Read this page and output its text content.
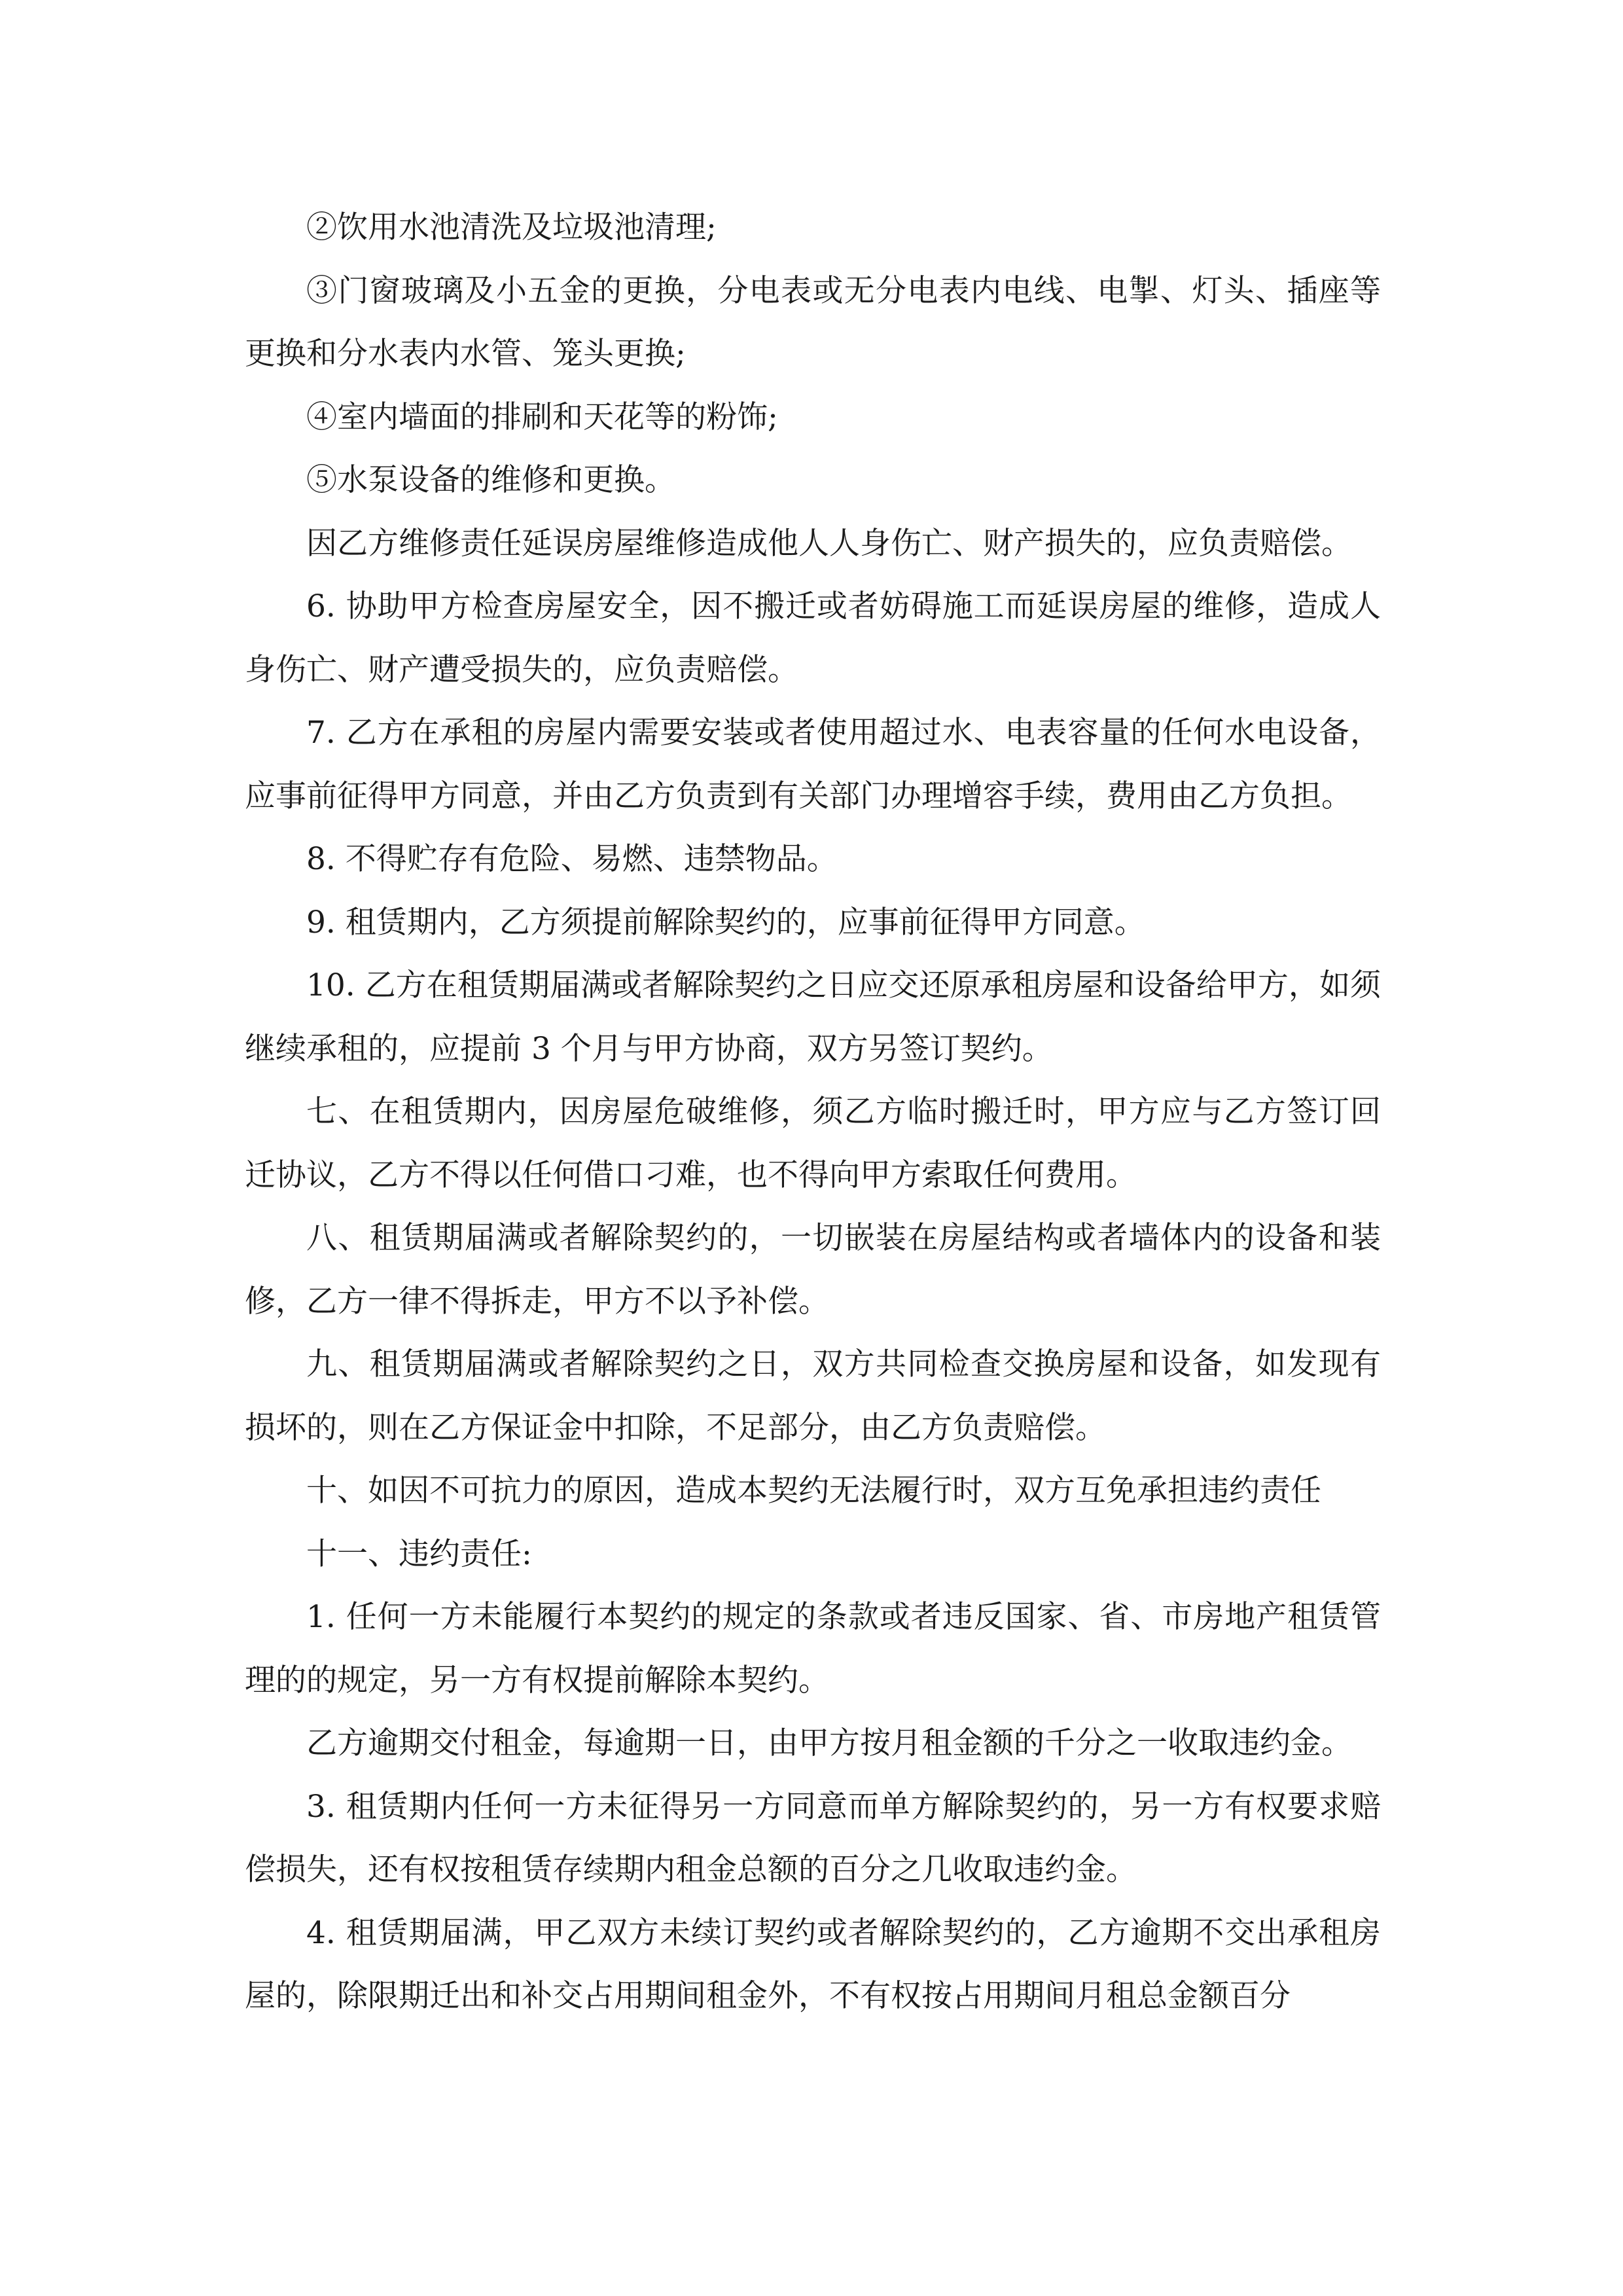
②饮用水池清洗及垃圾池清理;

③门窗玻璃及小五金的更换，分电表或无分电表内电线、电掣、灯头、插座等更换和分水表内水管、笼头更换;

④室内墙面的排刷和天花等的粉饰;

⑤水泵设备的维修和更换。

因乙方维修责任延误房屋维修造成他人人身伤亡、财产损失的，应负责赔偿。

6. 协助甲方检查房屋安全，因不搬迁或者妨碍施工而延误房屋的维修，造成人身伤亡、财产遭受损失的，应负责赔偿。

7. 乙方在承租的房屋内需要安装或者使用超过水、电表容量的任何水电设备，应事前征得甲方同意，并由乙方负责到有关部门办理增容手续，费用由乙方负担。

8. 不得贮存有危险、易燃、违禁物品。

9. 租赁期内，乙方须提前解除契约的，应事前征得甲方同意。

10. 乙方在租赁期届满或者解除契约之日应交还原承租房屋和设备给甲方，如须继续承租的，应提前 3 个月与甲方协商，双方另签订契约。

七、在租赁期内，因房屋危破维修，须乙方临时搬迁时，甲方应与乙方签订回迁协议，乙方不得以任何借口刁难，也不得向甲方索取任何费用。

八、租赁期届满或者解除契约的，一切嵌装在房屋结构或者墙体内的设备和装修，乙方一律不得拆走，甲方不以予补偿。

九、租赁期届满或者解除契约之日，双方共同检查交换房屋和设备，如发现有损坏的，则在乙方保证金中扣除，不足部分，由乙方负责赔偿。

十、如因不可抗力的原因，造成本契约无法履行时，双方互免承担违约责任

十一、违约责任:

1. 任何一方未能履行本契约的规定的条款或者违反国家、省、市房地产租赁管理的的规定，另一方有权提前解除本契约。

乙方逾期交付租金，每逾期一日，由甲方按月租金额的千分之一收取违约金。

3. 租赁期内任何一方未征得另一方同意而单方解除契约的，另一方有权要求赔偿损失，还有权按租赁存续期内租金总额的百分之几收取违约金。

4. 租赁期届满，甲乙双方未续订契约或者解除契约的，乙方逾期不交出承租房屋的，除限期迁出和补交占用期间租金外，不有权按占用期间月租总金额百分
